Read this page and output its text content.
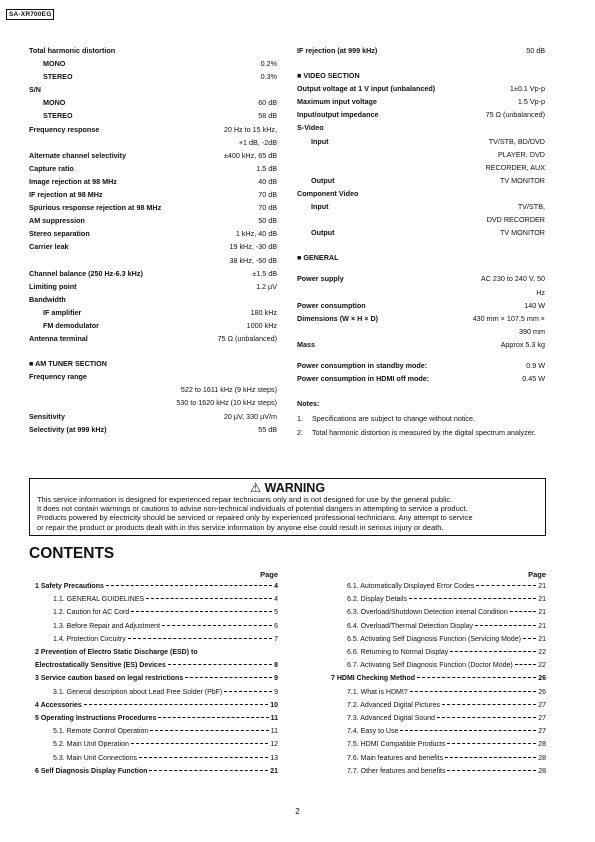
SA-XR700EG
Total harmonic distortion
MONO	0.2%
STEREO	0.3%
S/N
MONO	60 dB
STEREO	58 dB
Frequency response	20 Hz to 15 kHz,
+1 dB, -2dB
Alternate channel selectivity	±400 kHz, 65 dB
Capture ratio	1.5 dB
Image rejection at 98 MHz	40 dB
IF rejection at 98 MHz	70 dB
Spurious response rejection at 98 MHz	70 dB
AM suppression	50 dB
Stereo separation	1 kHz, 40 dB
Carrier leak	19 kHz, -30 dB
38 kHz, -50 dB
Channel balance (250 Hz-6.3 kHz)	±1.5 dB
Limiting point	1.2 µV
Bandwidth
IF amplifier	180 kHz
FM demodulator	1000 kHz
Antenna terminal	75 Ω (unbalanced)
■ AM TUNER SECTION
Frequency range
522 to 1611 kHz (9 kHz steps)
530 to 1620 kHz (10 kHz steps)
Sensitivity	20 µV, 330 µV/m
Selectivity (at 999 kHz)	55 dB
IF rejection (at 999 kHz)	50 dB
■ VIDEO SECTION
Output voltage at 1 V input (unbalanced)	1±0.1 Vp-p
Maximum input voltage	1.5 Vp-p
Input/output impedance	75 Ω (unbalanced)
S-Video
Input	TV/STB, BD/DVD
PLAYER, DVD
RECORDER, AUX
Output	TV MONITOR
Component Video
Input	TV/STB,
DVD RECORDER
Output	TV MONITOR
■ GENERAL
Power supply	AC 230 to 240 V, 50
Hz
Power consumption	140 W
Dimensions (W × H × D)	430 mm × 107.5 mm ×
390 mm
Mass	Approx 5.3 kg
Power consumption in standby mode:	0.9 W
Power consumption in HDMI off mode:	0.45 W
Notes:
1.	Specifications are subject to change without notice.
2.	Total harmonic distortion is measured by the digital spectrum analyzer.
⚠ WARNING
This service information is designed for experienced repair technicians only and is not designed for use by the general public.
It does not contain warnings or cautions to advise non-technical individuals of potential dangers in attempting to service a product.
Products powered by electricity should be serviced or repaired only by experienced professional technicians. Any attempt to service
or repair the product or products dealt with in this service information by anyone else could result in serious injury or death.
CONTENTS
Page
1 Safety Precautions	4
1.1. GENERAL GUIDELINES	4
1.2. Caution for AC Cord	5
1.3. Before Repair and Adjustment	6
1.4. Protection Circuitry	7
2 Prevention of Electro Static Discharge (ESD) to
Electrostatically Sensitive (ES) Devices	8
3 Service caution based on legal restrictions	9
3.1. General description about Lead Free Solder (PbF)	9
4 Accessories	10
5 Operating Instructions Procedures	11
5.1. Remote Control Operation	11
5.2. Main Unit Operation	12
5.3. Main Unit Connections	13
6 Self Diagnosis Display Function	21
Page
6.1. Automatically Displayed Error Codes	21
6.2. Display Details	21
6.3. Overload/Shutdown Detection intenal Condition	21
6.4. Overload/Thermal Detection Display	21
6.5. Activating Self Diagnosis Function (Servicing Mode) 21
6.6. Returning to Normal Display	22
6.7. Activating Self Diagnosis Function (Doctor Mode)	22
7 HDMI Checking Method	26
7.1. What is HDMI?	26
7.2. Advanced Digital Pictures	27
7.3. Advanced Digital Sound	27
7.4. Easy to Use	27
7.5. HDMI Compatible Products	28
7.6. Main features and benefits	28
7.7. Other features and benefits	28
2
